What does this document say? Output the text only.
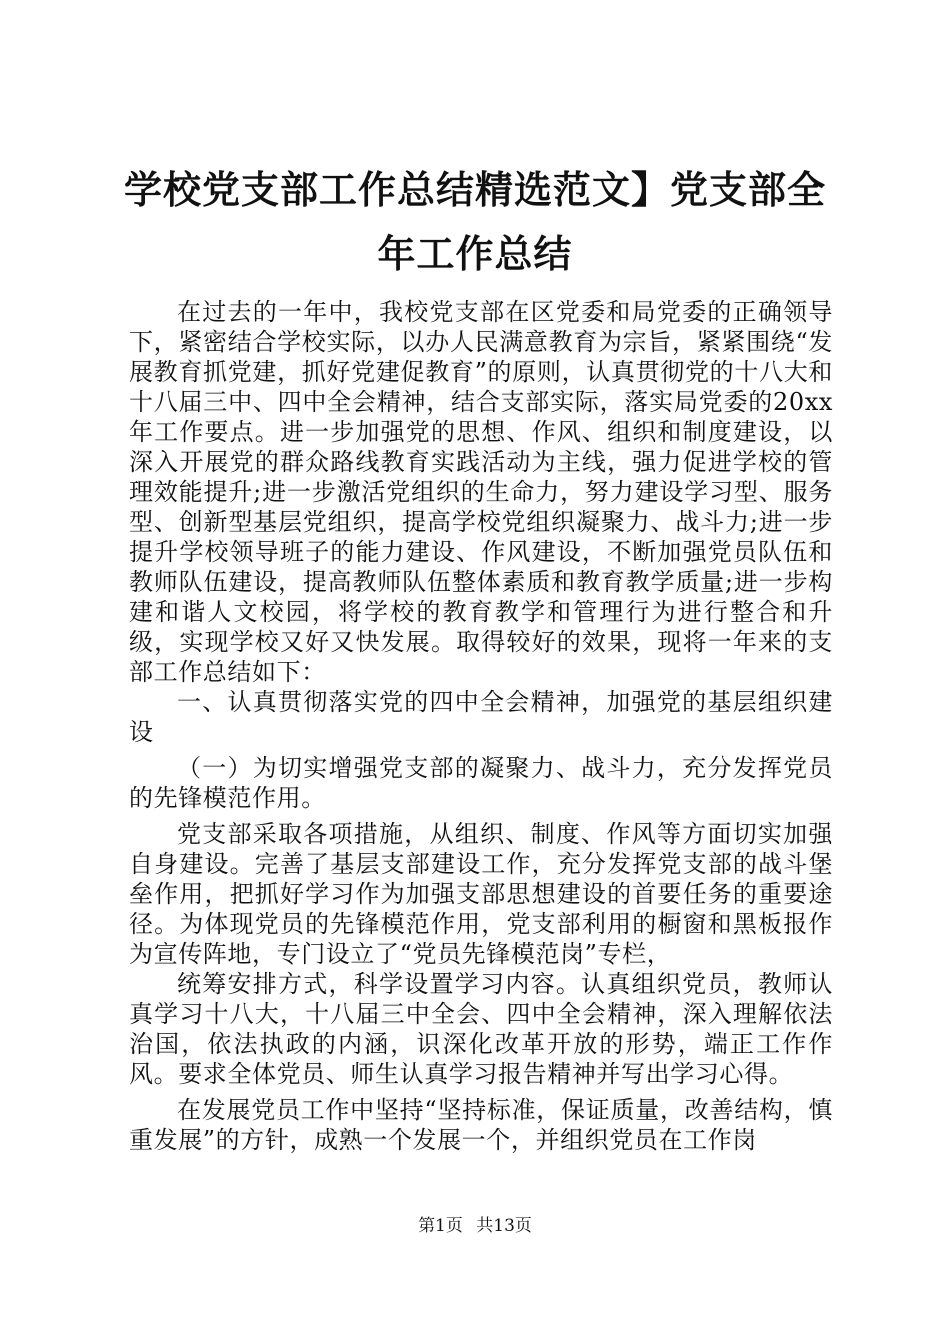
学校党支部工作总结精选范文】党支部全年工作总结

在过去的一年中，我校党支部在区党委和局党委的正确领导下，紧密结合学校实际，以办人民满意教育为宗旨，紧紧围绕“发展教育抓党建，抓好党建促教育”的原则，认真贯彻党的十八大和十八届三中、四中全会精神，结合支部实际，落实局党委的20xx年工作要点。进一步加强党的思想、作风、组织和制度建设，以深入开展党的群众路线教育实践活动为主线，强力促进学校的管理效能提升;进一步激活党组织的生命力，努力建设学习型、服务型、创新型基层党组织，提高学校党组织凝聚力、战斗力;进一步提升学校领导班子的能力建设、作风建设，不断加强党员队伍和教师队伍建设，提高教师队伍整体素质和教育教学质量;进一步构建和谐人文校园，将学校的教育教学和管理行为进行整合和升级，实现学校又好又快发展。取得较好的效果，现将一年来的支部工作总结如下：

一、认真贯彻落实党的四中全会精神，加强党的基层组织建设

（一）为切实增强党支部的凝聚力、战斗力，充分发挥党员的先锋模范作用。

党支部采取各项措施，从组织、制度、作风等方面切实加强自身建设。完善了基层支部建设工作，充分发挥党支部的战斗堡垒作用，把抓好学习作为加强支部思想建设的首要任务的重要途径。为体现党员的先锋模范作用，党支部利用的橱窗和黑板报作为宣传阵地，专门设立了“党员先锋模范岗”专栏，

统筹安排方式，科学设置学习内容。认真组织党员，教师认真学习十八大，十八届三中全会、四中全会精神，深入理解依法治国，依法执政的内涵，识深化改革开放的形势，端正工作作风。要求全体党员、师生认真学习报告精神并写出学习心得。

在发展党员工作中坚持“坚持标准，保证质量，改善结构，慎重发展”的方针，成熟一个发展一个，并组织党员在工作岗

第1页 共13页
